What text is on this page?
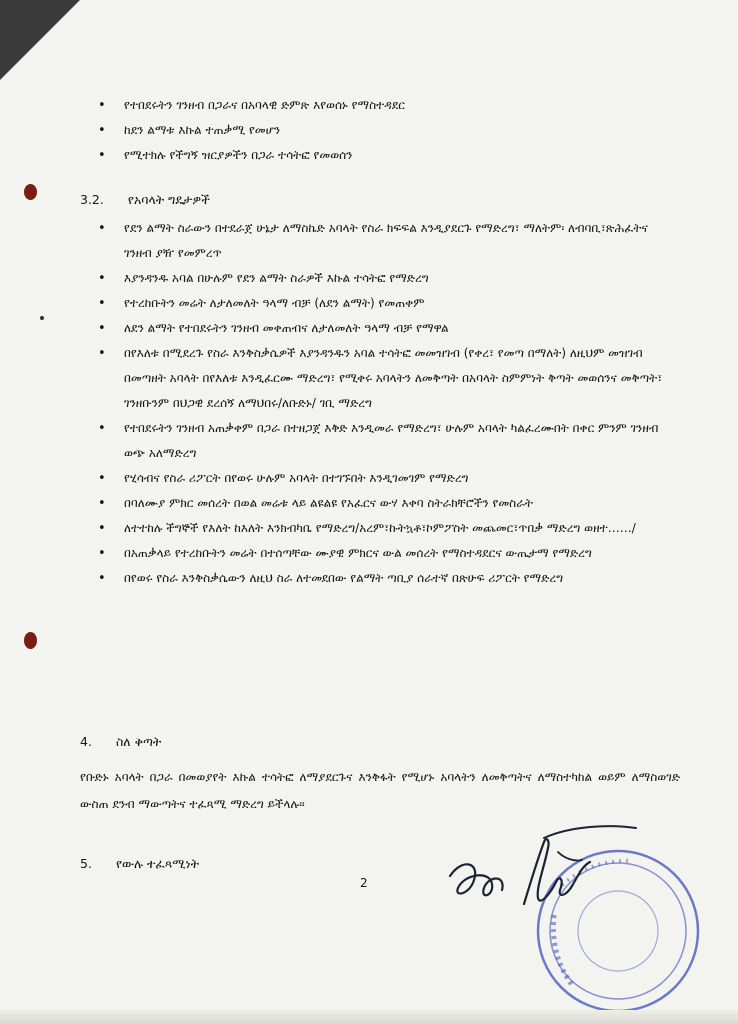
• የተበደሩትን ገንዘብ በጋራና በአባላዊ ድምጽ እየወሰኑ የማስተዳደር
• ከደን ልማቱ እኩል ተጠቃሚ የመሆን
• የሚተክሉ የችግኝ ዝርያዎችን በጋራ ተሳትፎ የመወሰን
3.2. የአባላት ግዴታዎች
• የደን ልማት ስራውን በተደራጀ ሁኔታ ለማስኬድ አባላት የስራ ክፍፍል እንዲያደርጉ የማድረግ፣ ማለትም፡ ለብባቢ፣ጽሕፈትና ገንዘብ ያዥ የመምረጥ
• እያንዳንዱ አባል በሁሉም የደን ልማት ስራዎች እኩል ተሳትፎ የማድረግ
• የተረከቡትን መሬት ለታለመለት ዓላማ ብቻ (ለደን ልማት) የመጠቀም
• ለደን ልማት የተበደሩትን ገንዘብ መቀጠብና ለታለመለት ዓላማ ብቻ የማዋል
• በየእለቱ በሚደረጉ የስራ እንቅስቃሴዎች እያንዳንዱን አባል ተሳትፎ መመዝገብ (የቀረ፣ የመጣ በማለት) ለዚህም መዝገብ በመጣዘት አባላት በየእለቱ እንዲፈርሙ ማድረግ፣ የሚቀሩ አባላትን ለመቅጣት በአባላት ስምምነት ቅጣት መወሰንና መቅጣት፣ ገንዘቡንም በህጋዊ ደረሰኝ ለማህበሩ/ለቡድኑ/ ገቢ ማድረግ
• የተበደሩትን ገንዘብ አጠቃቀም በጋራ በተዘጋጀ እቅድ እንዲመራ የማድረግ፣ ሁሉም አባላት ካልፈረሙበት በቀር ምንም ገንዘብ ወጭ አለማድረግ
• የሂሳብና የስራ ሪፖርት በየወሩ ሁሉም አባላት በተገኙበት እንዲገመገም የማድረግ
• በባለሙያ ምክር መሰረት በወል መሬቱ ላይ ልዩልዩ የአፈርና ውሃ እቀባ ስትራክቸሮችን የመስራት
• ለተተከሉ ችግኞች የእለት ከእለት እንክብካቤ የማድረግ/አረም፣ኩትኳቶ፣ኮምፖስት መጨመር፣ጥበቃ ማድረግ ወዘተ……/
• በአጠቃላይ የተረከቡትን መሬት በተሰጣቸው ሙያዊ ምክርና ውል መሰረት የማስተዳደርና ውጤታማ የማድረግ
• በየወሩ የስራ እንቅስቃሴውን ለዚህ ስራ ለተመደበው የልማት ጣቢያ ሰራተኛ በጽሁፍ ሪፖርት የማድረግ
4. ስለ ቅጣት
የቡድኑ አባላት በጋራ በመወያየት እኩል ተሳትፎ ለማያደርጉና እንቅፋት የሚሆኑ አባላትን ለመቅጣትና ለማስተካከል ወይም ለማስወገድ ውስጠ ደንብ ማውጣትና ተፈጻሚ ማድረግ ይችላሉ፡፡
5. የውሉ ተፈጻሚነት
2
